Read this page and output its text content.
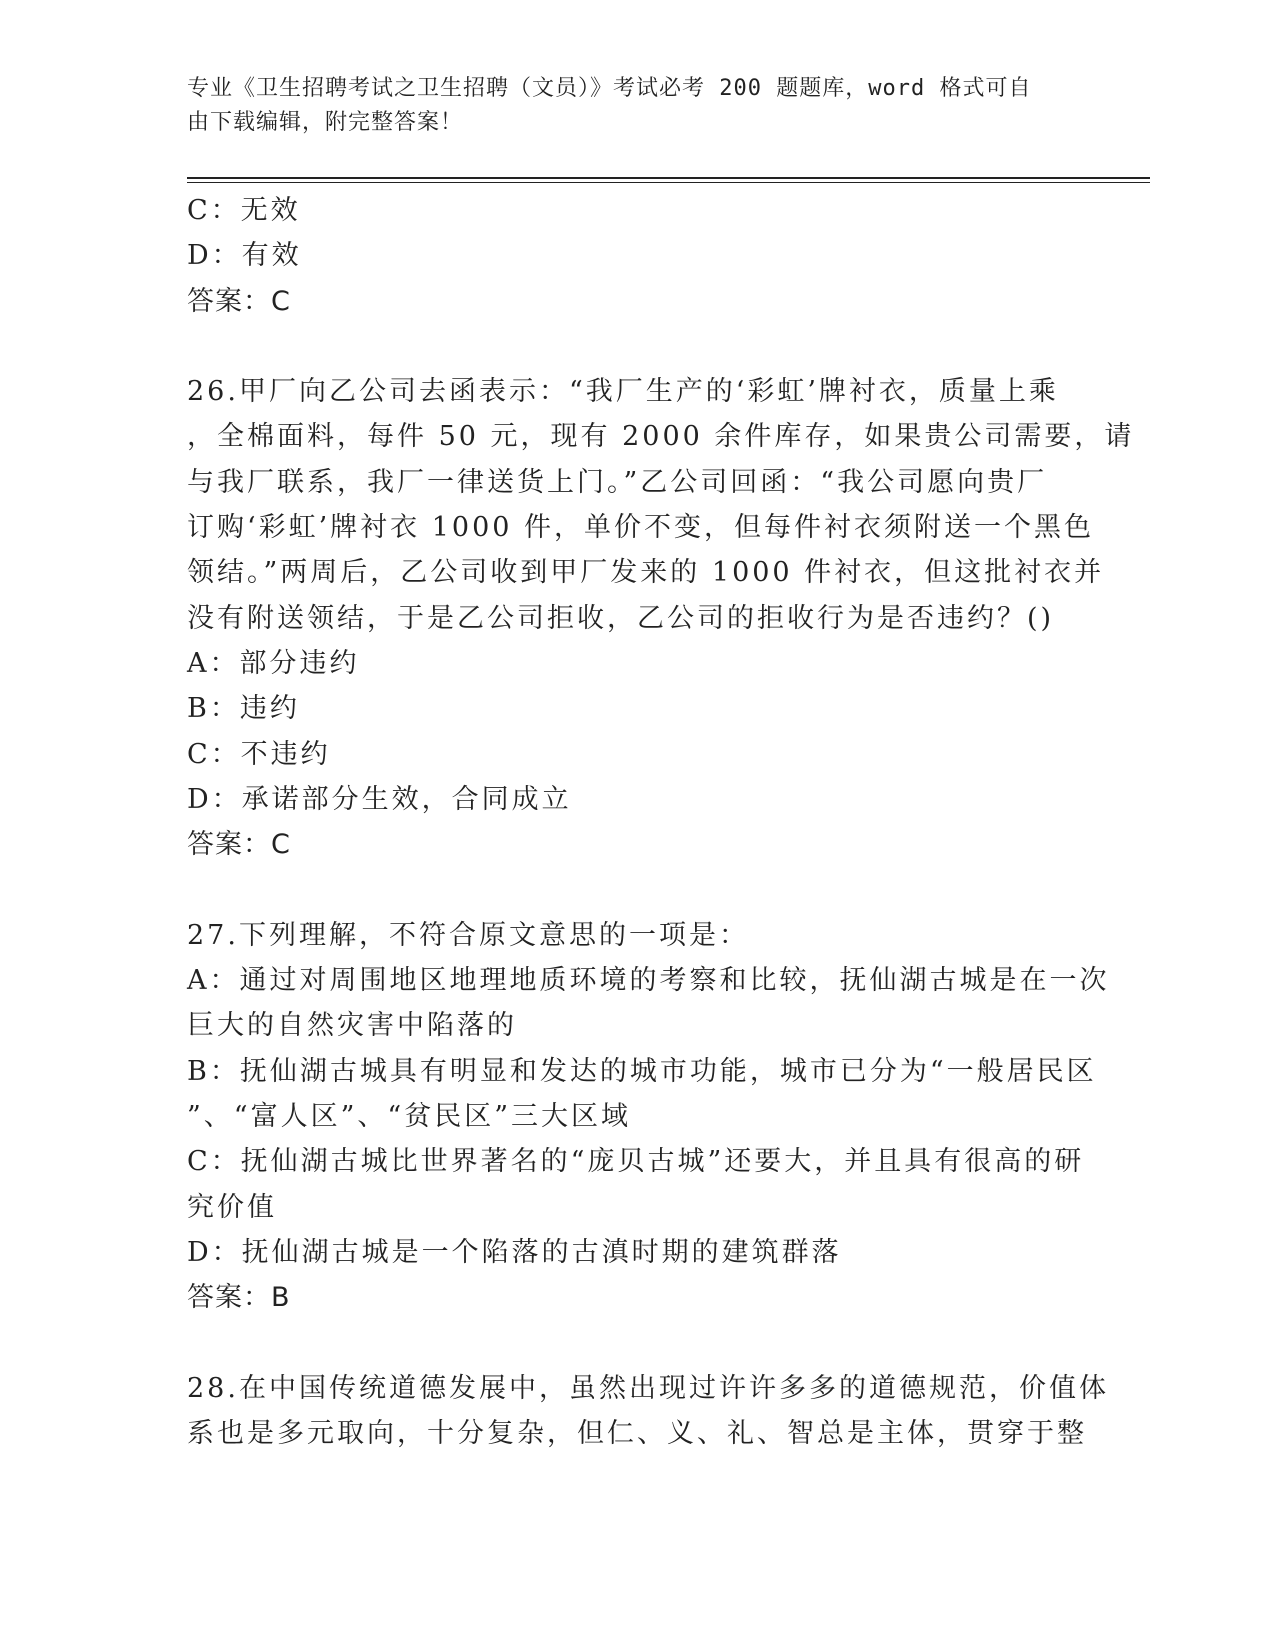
专业《卫生招聘考试之卫生招聘（文员）》考试必考 200 题题库，word 格式可自
由下载编辑，附完整答案！
C：无效
D：有效
答案：C
26.甲厂向乙公司去函表示：“我厂生产的‘彩虹’牌衬衣，质量上乘
，全棉面料，每件 50 元，现有 2000 余件库存，如果贵公司需要，请
与我厂联系，我厂一律送货上门。”乙公司回函：“我公司愿向贵厂
订购‘彩虹’牌衬衣 1000 件，单价不变，但每件衬衣须附送一个黑色
领结。”两周后，乙公司收到甲厂发来的 1000 件衬衣，但这批衬衣并
没有附送领结，于是乙公司拒收，乙公司的拒收行为是否违约？()
A：部分违约
B：违约
C：不违约
D：承诺部分生效，合同成立
答案：C
27.下列理解，不符合原文意思的一项是：
A：通过对周围地区地理地质环境的考察和比较，抚仙湖古城是在一次
巨大的自然灾害中陷落的
B：抚仙湖古城具有明显和发达的城市功能，城市已分为“一般居民区
”、“富人区”、“贫民区”三大区域
C：抚仙湖古城比世界著名的“庞贝古城”还要大，并且具有很高的研
究价值
D：抚仙湖古城是一个陷落的古滇时期的建筑群落
答案：B
28.在中国传统道德发展中，虽然出现过许许多多的道德规范，价值体
系也是多元取向，十分复杂，但仁、义、礼、智总是主体，贯穿于整
